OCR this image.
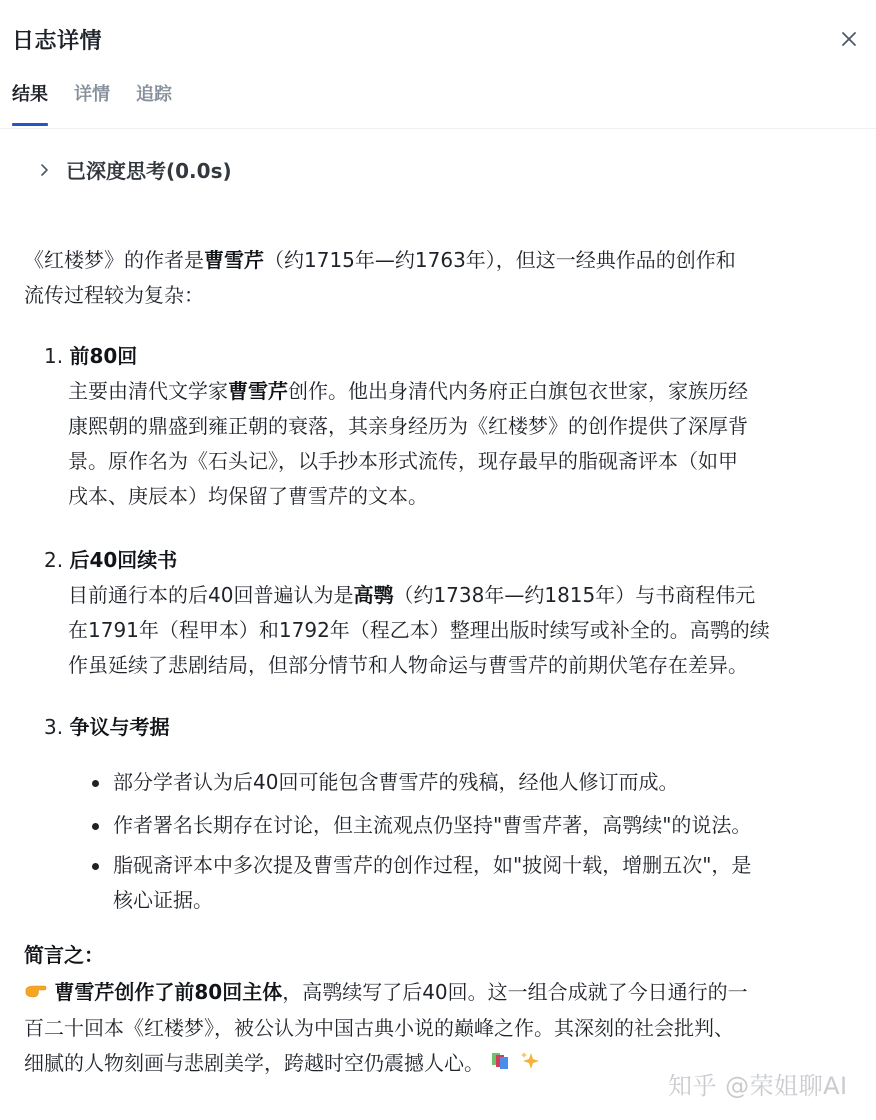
日志详情
结果 详情 追踪
已深度思考(0.0s)
《红楼梦》的作者是曹雪芹（约1715年—约1763年），但这一经典作品的创作和
流传过程较为复杂：
1. 前80回
主要由清代文学家曹雪芹创作。他出身清代内务府正白旗包衣世家，家族历经
康熙朝的鼎盛到雍正朝的衰落，其亲身经历为《红楼梦》的创作提供了深厚背
景。原作名为《石头记》，以手抄本形式流传，现存最早的脂砚斋评本（如甲
戌本、庚辰本）均保留了曹雪芹的文本。
2. 后40回续书
目前通行本的后40回普遍认为是高鹗（约1738年—约1815年）与书商程伟元
在1791年（程甲本）和1792年（程乙本）整理出版时续写或补全的。高鹗的续
作虽延续了悲剧结局，但部分情节和人物命运与曹雪芹的前期伏笔存在差异。
3. 争议与考据
部分学者认为后40回可能包含曹雪芹的残稿，经他人修订而成。
作者署名长期存在讨论，但主流观点仍坚持"曹雪芹著，高鹗续"的说法。
脂砚斋评本中多次提及曹雪芹的创作过程，如"披阅十载，增删五次"，是
核心证据。
简言之：
曹雪芹创作了前80回主体，高鹗续写了后40回。这一组合成就了今日通行的一
百二十回本《红楼梦》，被公认为中国古典小说的巅峰之作。其深刻的社会批判、
细腻的人物刻画与悲剧美学，跨越时空仍震撼人心。
知乎 @荣姐聊AI
